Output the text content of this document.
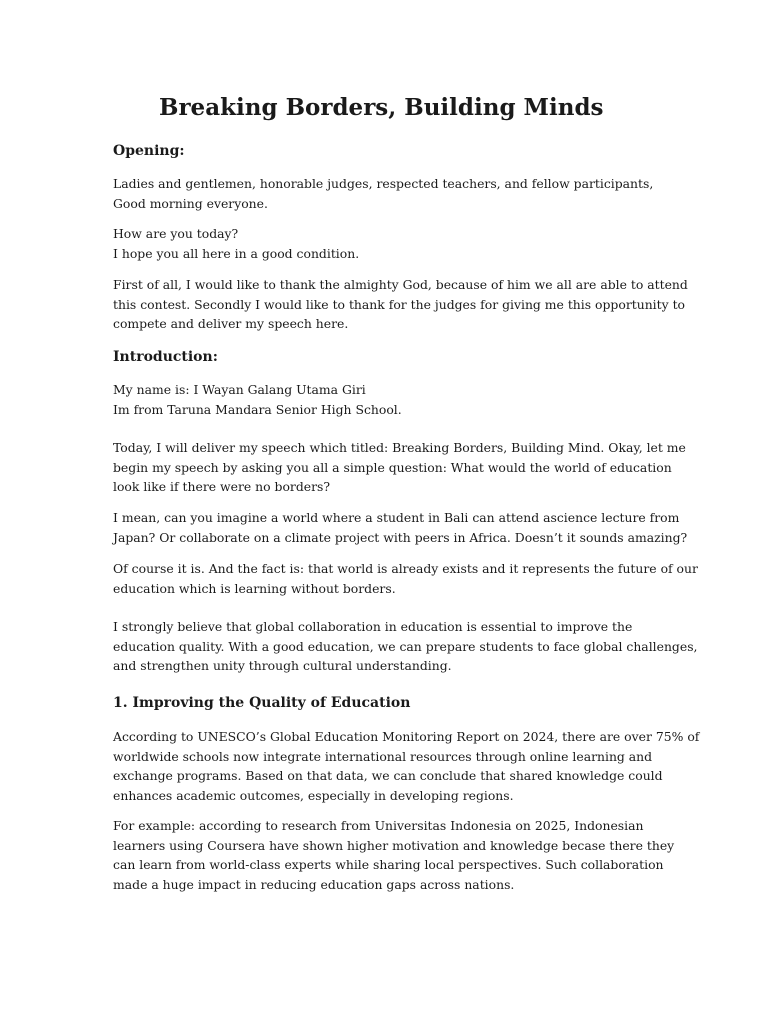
Breaking Borders, Building Minds
Opening:
Ladies and gentlemen, honorable judges, respected teachers, and fellow participants,
Good morning everyone.
How are you today?
I hope you all here in a good condition.
First of all, I would like to thank the almighty God, because of him we all are able to attend
this contest. Secondly I would like to thank for the judges for giving me this opportunity to
compete and deliver my speech here.
Introduction:
My name is: I Wayan Galang Utama Giri
Im from Taruna Mandara Senior High School.
Today, I will deliver my speech which titled: Breaking Borders, Building Mind. Okay, let me
begin my speech by asking you all a simple question: What would the world of education
look like if there were no borders?
I mean, can you imagine a world where a student in Bali can attend ascience lecture from
Japan? Or collaborate on a climate project with peers in Africa. Doesn’t it sounds amazing?
Of course it is. And the fact is: that world is already exists and it represents the future of our
education which is learning without borders.
I strongly believe that global collaboration in education is essential to improve the
education quality. With a good education, we can prepare students to face global challenges,
and strengthen unity through cultural understanding.
1. Improving the Quality of Education
According to UNESCO’s Global Education Monitoring Report on 2024, there are over 75% of
worldwide schools now integrate international resources through online learning and
exchange programs. Based on that data, we can conclude that shared knowledge could
enhances academic outcomes, especially in developing regions.
For example: according to research from Universitas Indonesia on 2025, Indonesian
learners using Coursera have shown higher motivation and knowledge becase there they
can learn from world-class experts while sharing local perspectives. Such collaboration
made a huge impact in reducing education gaps across nations.
